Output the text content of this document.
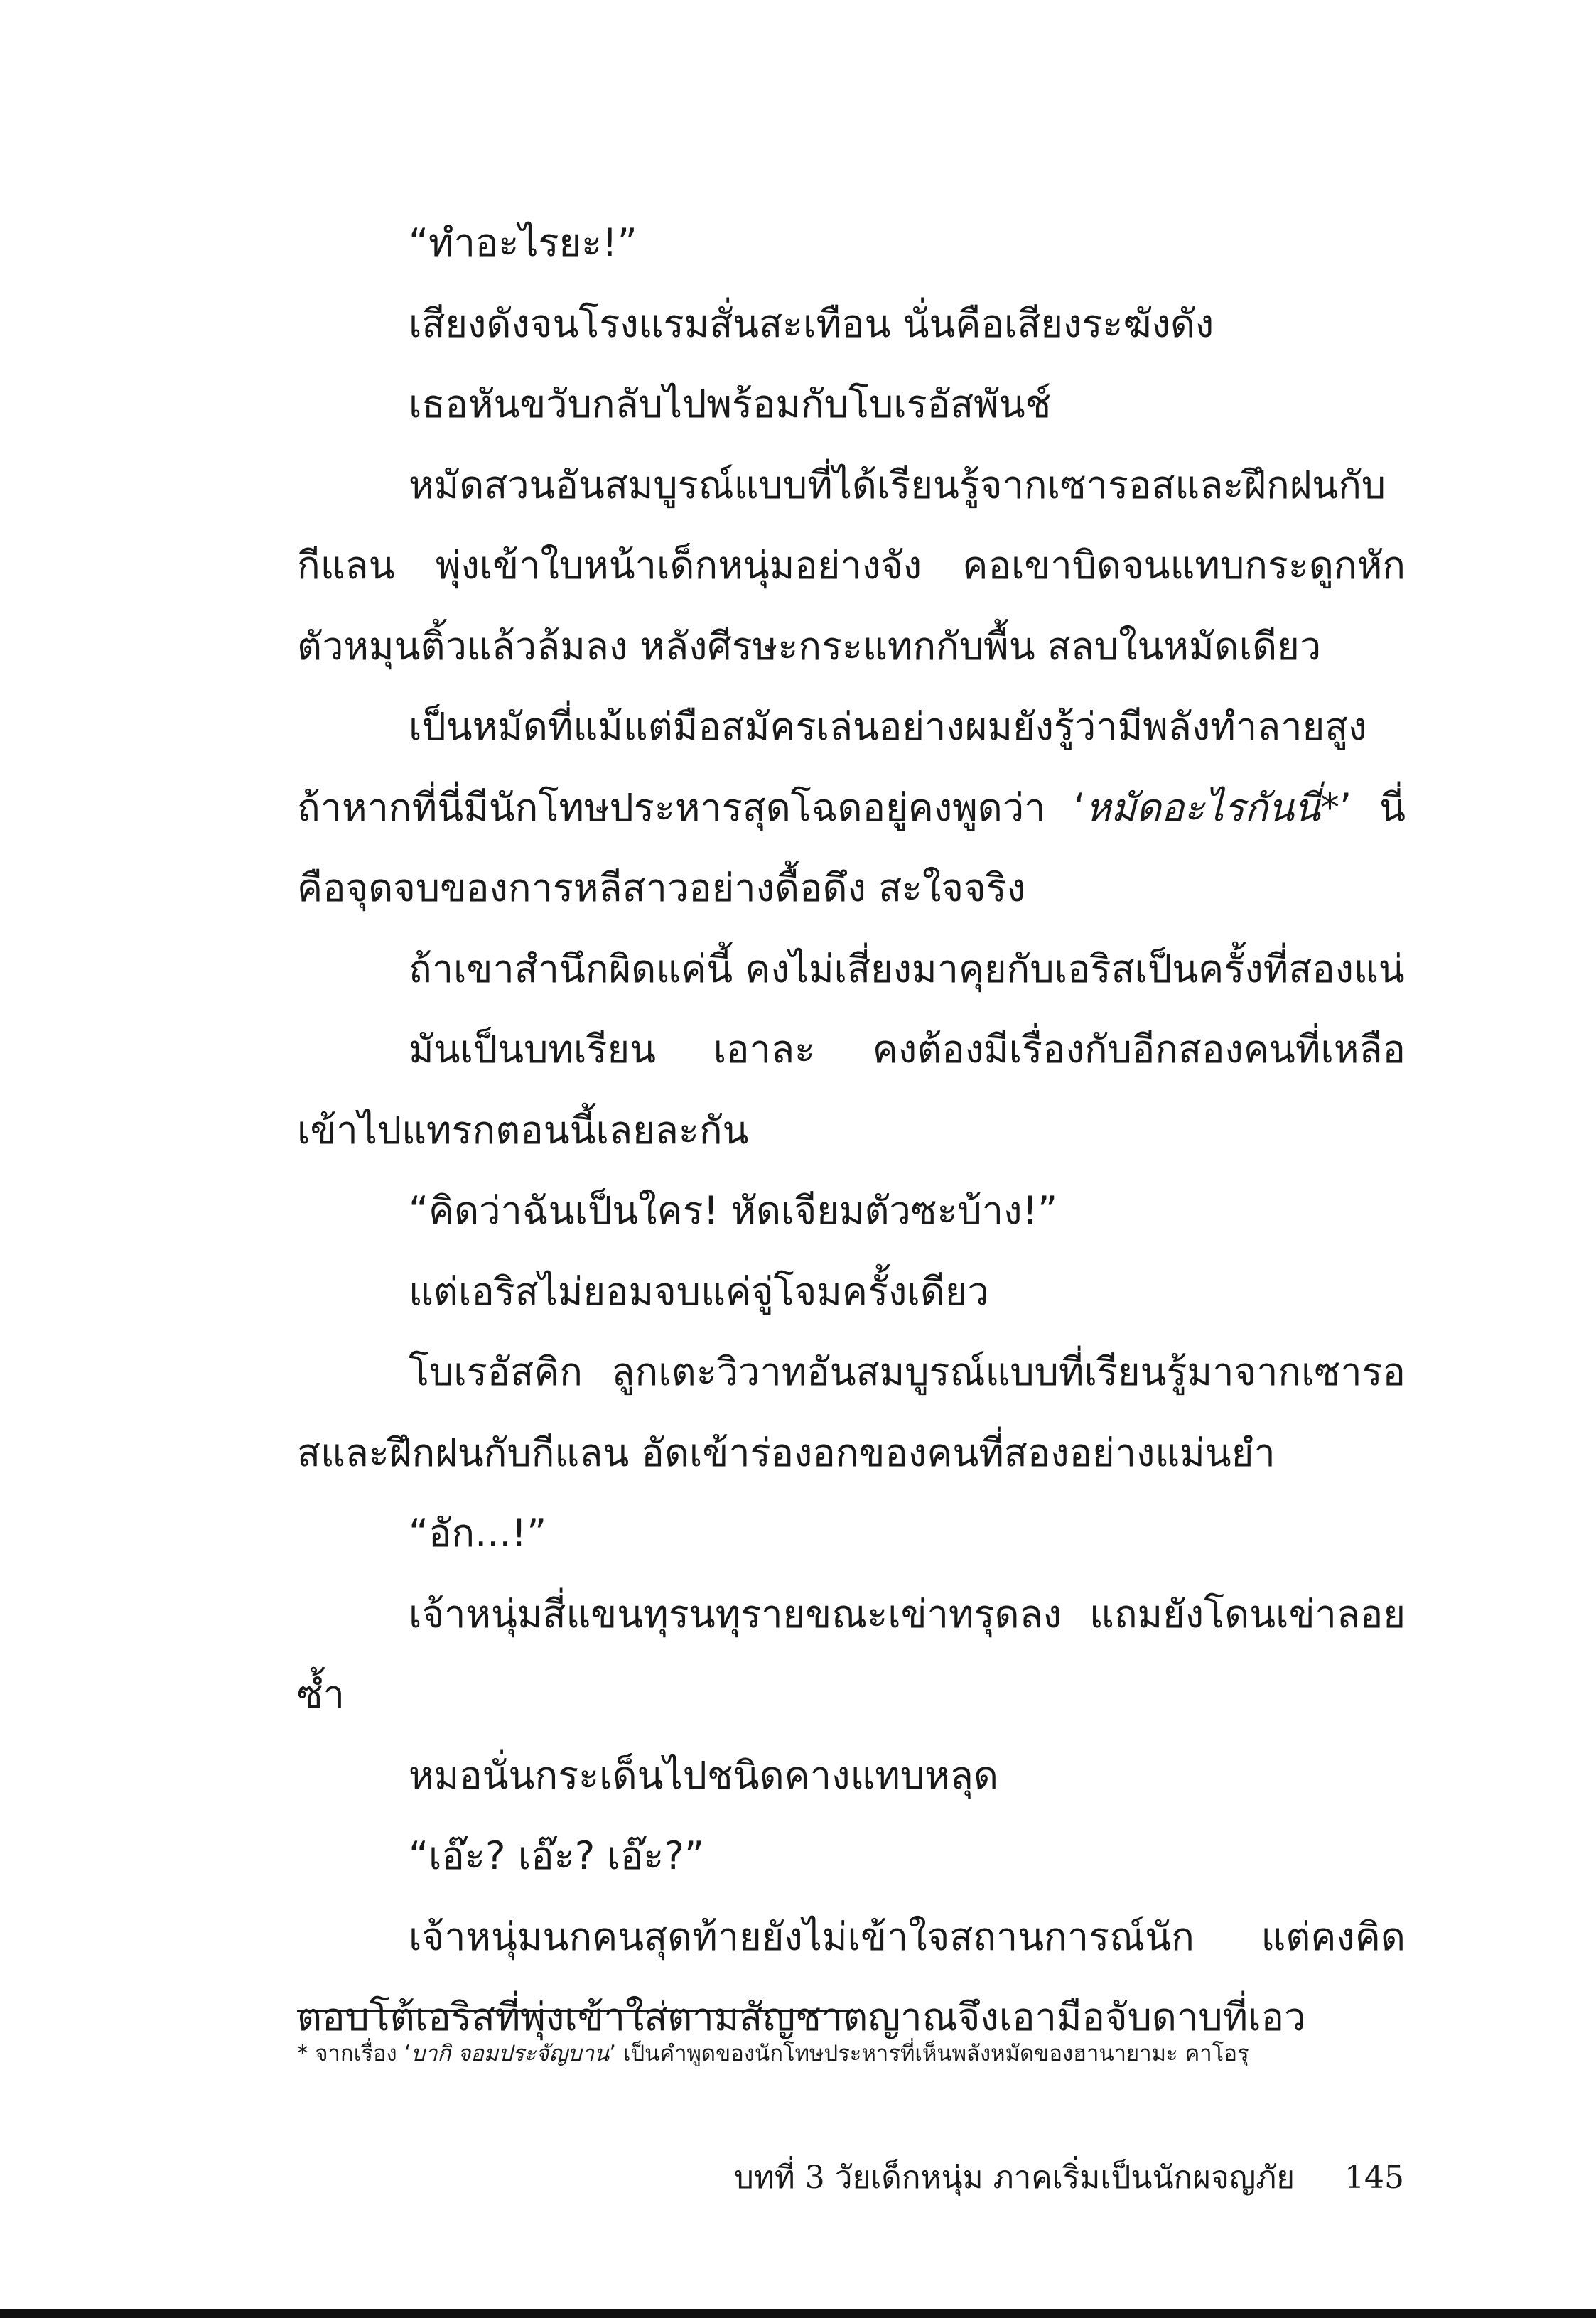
“ทำอะไรยะ!”

เสียงดังจนโรงแรมสั่นสะเทือน นั่นคือเสียงระฆังดัง

เธอหันขวับกลับไปพร้อมกับโบเรอัสพันช์

หมัดสวนอันสมบูรณ์แบบที่ได้เรียนรู้จากเซารอสและฝึกฝนกับกีแลน พุ่งเข้าใบหน้าเด็กหนุ่มอย่างจัง คอเขาบิดจนแทบกระดูกหัก ตัวหมุนติ้วแล้วล้มลง หลังศีรษะกระแทกกับพื้น สลบในหมัดเดียว

เป็นหมัดที่แม้แต่มือสมัครเล่นอย่างผมยังรู้ว่ามีพลังทำลายสูง ถ้าหากที่นี่มีนักโทษประหารสุดโฉดอยู่คงพูดว่า ‘หมัดอะไรกันนี่*’ นี่คือจุดจบของการหลีสาวอย่างดื้อดึง สะใจจริง

ถ้าเขาสำนึกผิดแค่นี้ คงไม่เสี่ยงมาคุยกับเอริสเป็นครั้งที่สองแน่

มันเป็นบทเรียน เอาละ คงต้องมีเรื่องกับอีกสองคนที่เหลือ เข้าไปแทรกตอนนี้เลยละกัน

“คิดว่าฉันเป็นใคร! หัดเจียมตัวซะบ้าง!”

แต่เอริสไม่ยอมจบแค่จู่โจมครั้งเดียว

โบเรอัสคิก ลูกเตะวิวาทอันสมบูรณ์แบบที่เรียนรู้มาจากเซารอสและฝึกฝนกับกีแลน อัดเข้าร่องอกของคนที่สองอย่างแม่นยำ

“อัก...!”

เจ้าหนุ่มสี่แขนทุรนทุรายขณะเข่าทรุดลง แถมยังโดนเข่าลอยซ้ำ

หมอนั่นกระเด็นไปชนิดคางแทบหลุด

“เอ๊ะ? เอ๊ะ? เอ๊ะ?”

เจ้าหนุ่มนกคนสุดท้ายยังไม่เข้าใจสถานการณ์นัก แต่คงคิดตอบโต้เอริสที่พุ่งเข้าใส่ตามสัญชาตญาณจึงเอามือจับดาบที่เอว

* จากเรื่อง ‘บากิ จอมประจัญบาน’ เป็นคำพูดของนักโทษประหารที่เห็นพลังหมัดของฮานายามะ คาโอรุ
บทที่ 3 วัยเด็กหนุ่ม ภาคเริ่มเป็นนักผจญภัย 145
